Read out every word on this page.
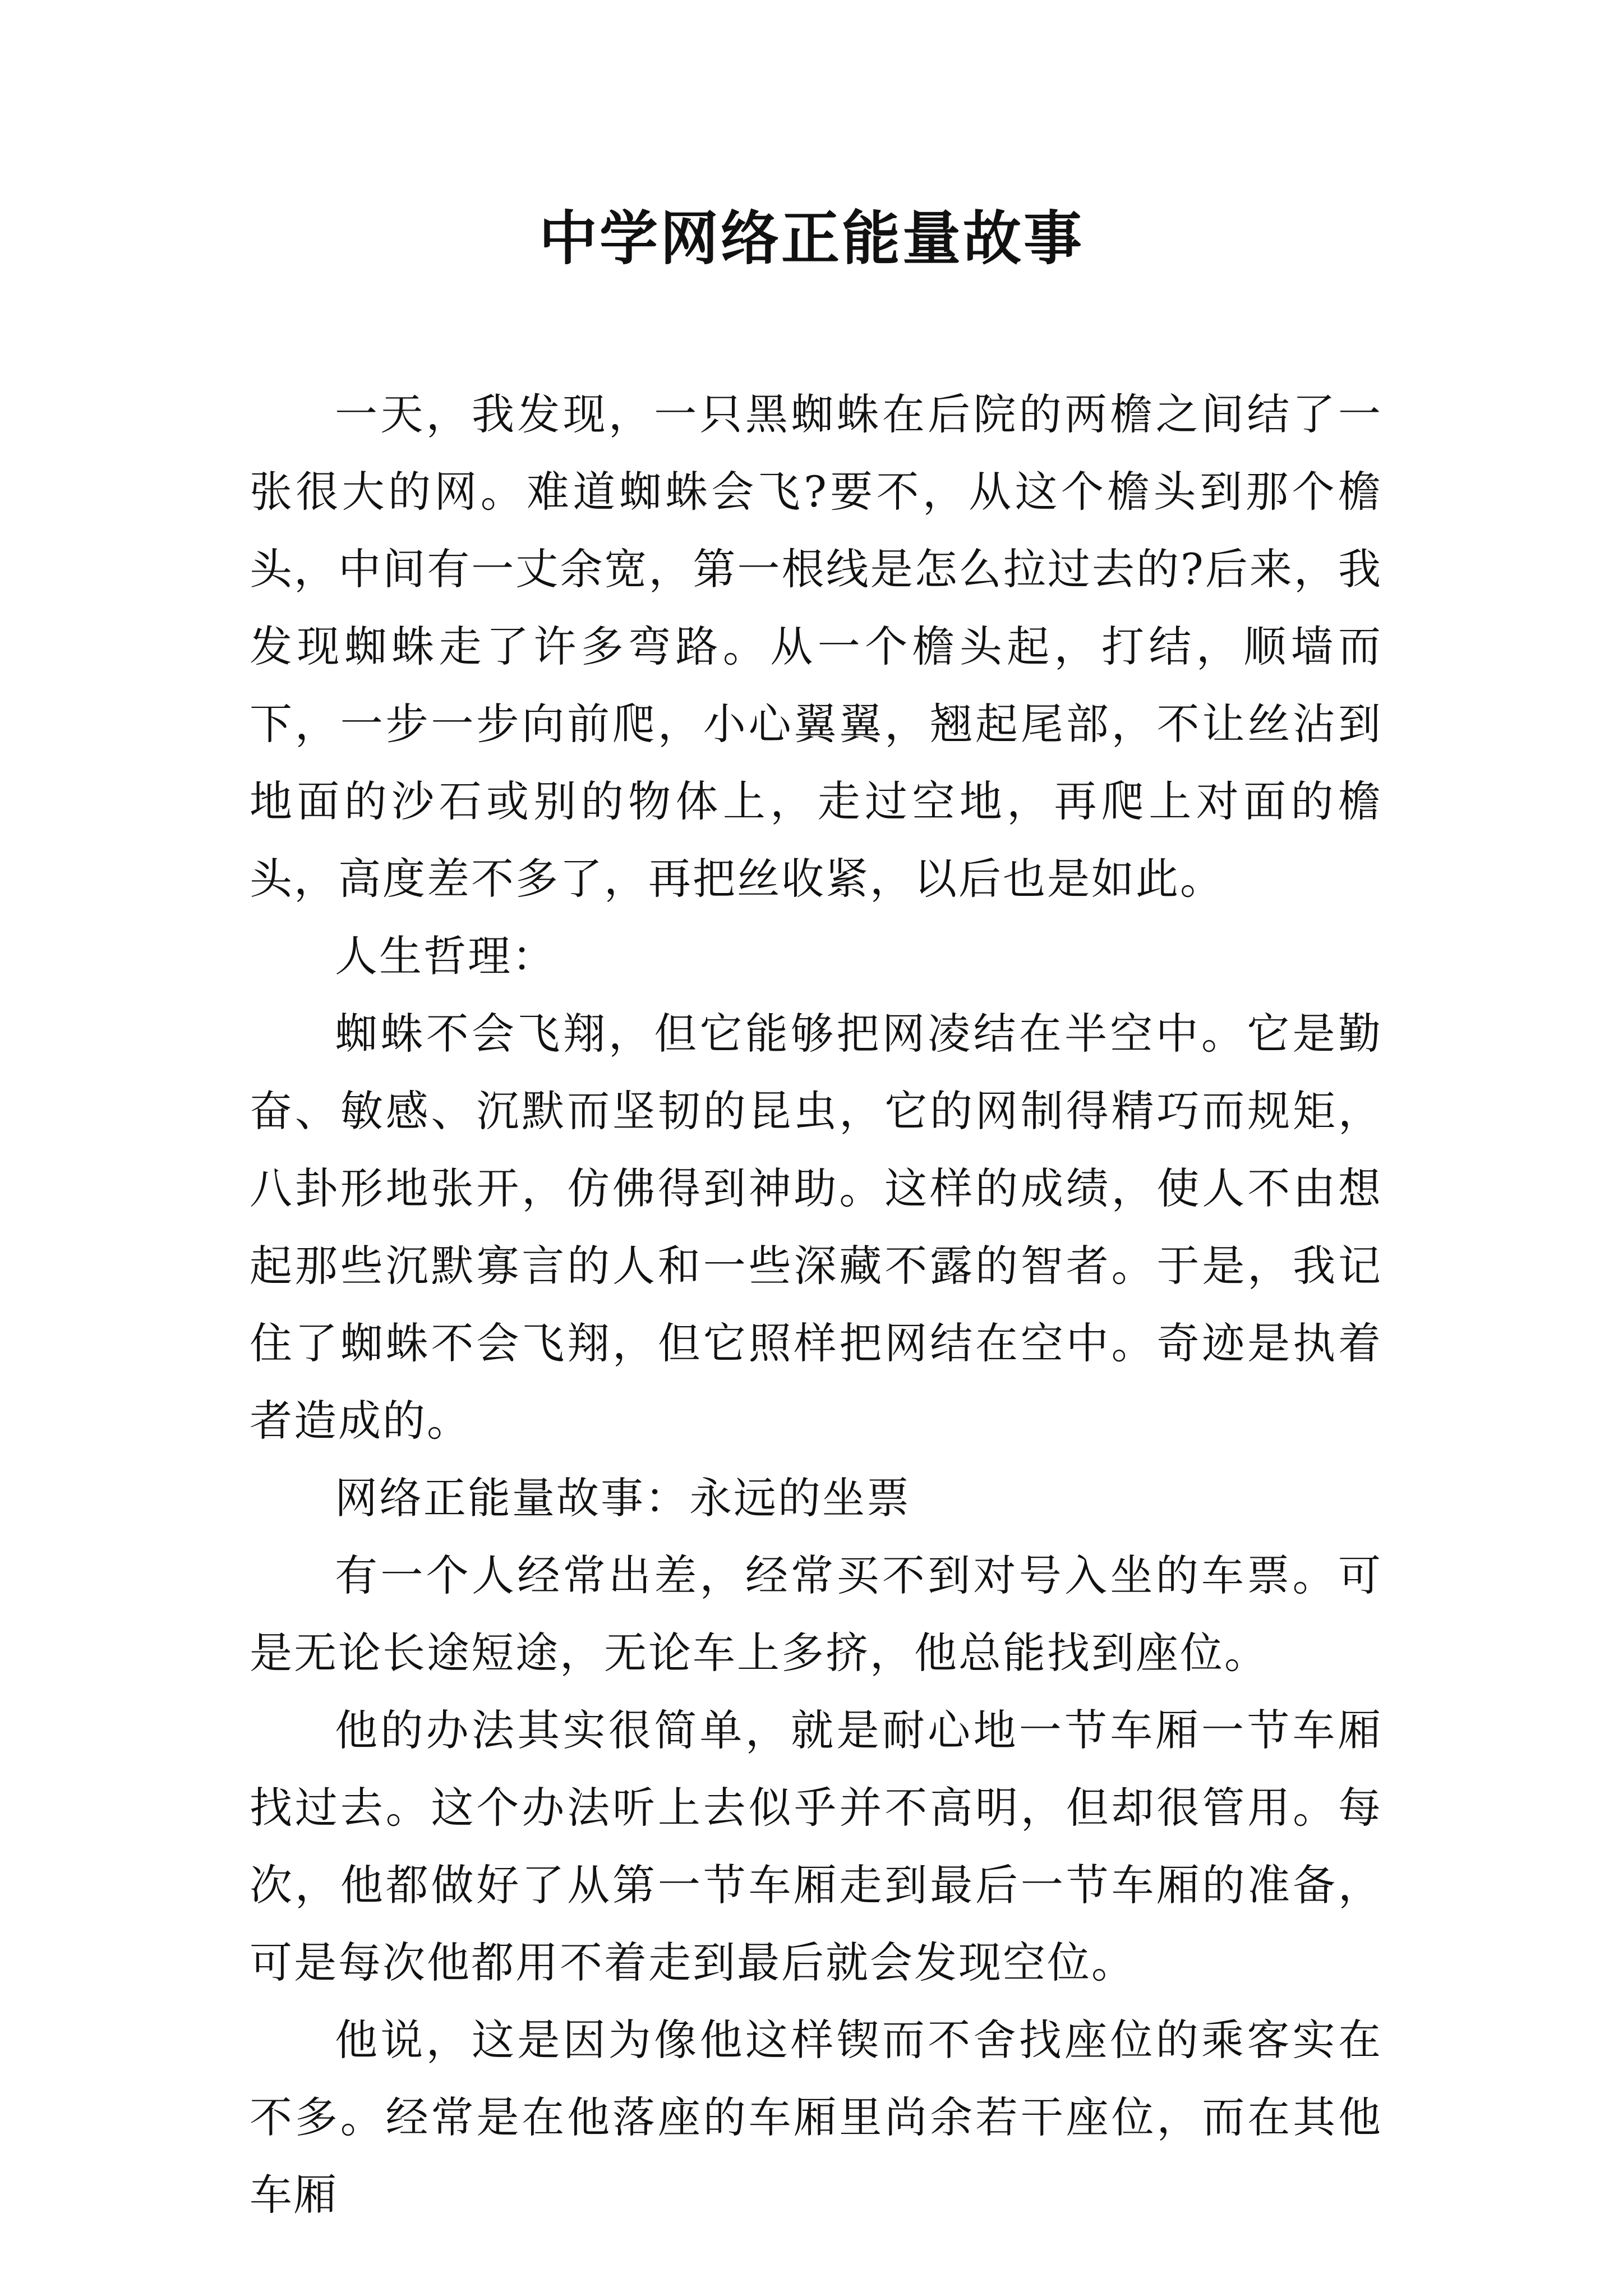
中学网络正能量故事

一天，我发现，一只黑蜘蛛在后院的两檐之间结了一张很大的网。难道蜘蛛会飞?要不，从这个檐头到那个檐头，中间有一丈余宽，第一根线是怎么拉过去的?后来，我发现蜘蛛走了许多弯路。从一个檐头起，打结，顺墙而下，一步一步向前爬，小心翼翼，翘起尾部，不让丝沾到地面的沙石或别的物体上，走过空地，再爬上对面的檐头，高度差不多了，再把丝收紧，以后也是如此。

人生哲理：

蜘蛛不会飞翔，但它能够把网凌结在半空中。它是勤奋、敏感、沉默而坚韧的昆虫，它的网制得精巧而规矩，八卦形地张开，仿佛得到神助。这样的成绩，使人不由想起那些沉默寡言的人和一些深藏不露的智者。于是，我记住了蜘蛛不会飞翔，但它照样把网结在空中。奇迹是执着者造成的。

网络正能量故事：永远的坐票

有一个人经常出差，经常买不到对号入坐的车票。可是无论长途短途，无论车上多挤，他总能找到座位。

他的办法其实很简单，就是耐心地一节车厢一节车厢找过去。这个办法听上去似乎并不高明，但却很管用。每次，他都做好了从第一节车厢走到最后一节车厢的准备，可是每次他都用不着走到最后就会发现空位。

他说，这是因为像他这样锲而不舍找座位的乘客实在不多。经常是在他落座的车厢里尚余若干座位，而在其他车厢
